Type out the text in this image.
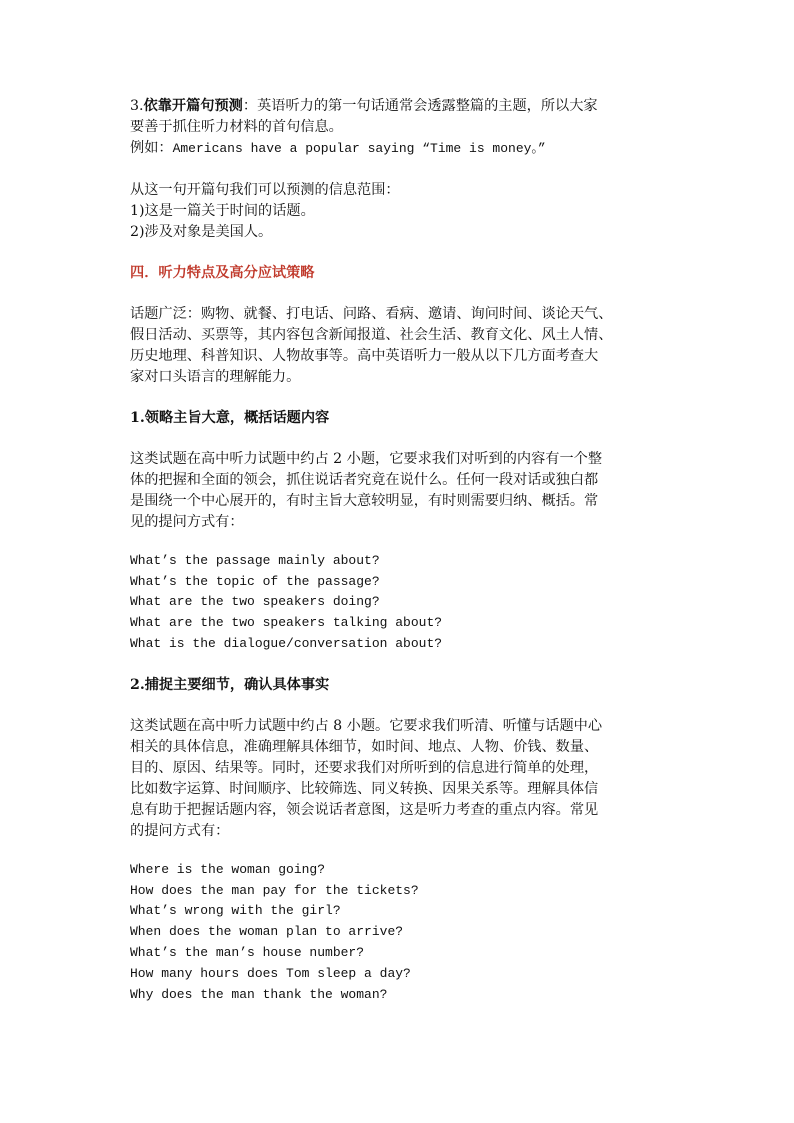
3.依靠开篇句预测：英语听力的第一句话通常会透露整篇的主题，所以大家
要善于抓住听力材料的首句信息。
例如：Americans have a popular saying “Time is money。”
从这一句开篇句我们可以预测的信息范围：
1)这是一篇关于时间的话题。
2)涉及对象是美国人。
四．听力特点及高分应试策略
话题广泛：购物、就餐、打电话、问路、看病、邀请、询问时间、谈论天气、
假日活动、买票等，其内容包含新闻报道、社会生活、教育文化、风土人情、
历史地理、科普知识、人物故事等。高中英语听力一般从以下几方面考查大
家对口头语言的理解能力。
1.领略主旨大意，概括话题内容
这类试题在高中听力试题中约占 2 小题，它要求我们对听到的内容有一个整
体的把握和全面的领会，抓住说话者究竟在说什么。任何一段对话或独白都
是围绕一个中心展开的，有时主旨大意较明显，有时则需要归纳、概括。常
见的提问方式有：
What’s the passage mainly about?
What’s the topic of the passage?
What are the two speakers doing?
What are the two speakers talking about?
What is the dialogue/conversation about?
2.捕捉主要细节，确认具体事实
这类试题在高中听力试题中约占 8 小题。它要求我们听清、听懂与话题中心
相关的具体信息，准确理解具体细节，如时间、地点、人物、价钱、数量、
目的、原因、结果等。同时，还要求我们对所听到的信息进行简单的处理，
比如数字运算、时间顺序、比较筛选、同义转换、因果关系等。理解具体信
息有助于把握话题内容，领会说话者意图，这是听力考查的重点内容。常见
的提问方式有：
Where is the woman going?
How does the man pay for the tickets?
What’s wrong with the girl?
When does the woman plan to arrive?
What’s the man’s house number?
How many hours does Tom sleep a day?
Why does the man thank the woman?
